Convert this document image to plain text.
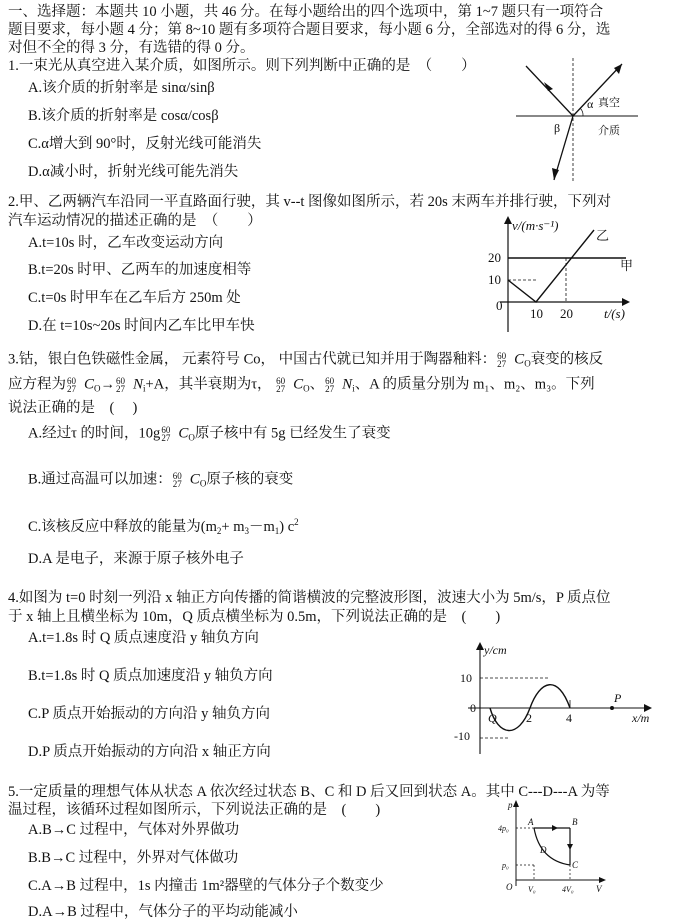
一、选择题：本题共 10 小题，共 46 分。在每小题给出的四个选项中，第 1~7 题只有一项符合
题目要求，每小题 4 分；第 8~10 题有多项符合题目要求，每小题 6 分，全部选对的得 6 分，选
对但不全的得 3 分，有选错的得 0 分。
1.一束光从真空进入某介质，如图所示。则下列判断中正确的是　（　　）
A.该介质的折射率是 sinα/sinβ
B.该介质的折射率是 cosα/cosβ
C.α增大到 90°时，反射光线可能消失
D.α减小时，折射光线可能先消失
α
β
真空
介质
2.甲、乙两辆汽车沿同一平直路面行驶，其 v--t 图像如图所示，若 20s 末两车并排行驶，下列对
汽车运动情况的描述正确的是　（　　）
A.t=10s 时，乙车改变运动方向
B.t=20s 时甲、乙两车的加速度相等
C.t=0s 时甲车在乙车后方 250m 处
D.在 t=10s~20s 时间内乙车比甲车快
v/(m·s⁻¹)
t/(s)
20
10
0
10 20
甲
乙
3.钴，银白色铁磁性金属， 元素符号 Co， 中国古代就已知并用于陶器釉料： 60
27 $C_O$衰变的核反
应方程为 60
27 $C_O\to 60$
27 $N_i+A$，其半衰期为τ， 60
27 $C_O$、 60
27 $N_i$、A 的质量分别为 m₁、m₂、m₃。下列
说法正确的是　(　 )
A.经过τ 的时间，10g 60
27 $C_O$原子核中有 5g 已经发生了衰变
B.通过高温可以加速： 60
27 $C_O$原子核的衰变
C.该核反应中释放的能量为$(m_2+ m_3-m_1)$ $c^2$
D.A 是电子，来源于原子核外电子
4.如图为 t=0 时刻一列沿 x 轴正方向传播的简谐横波的完整波形图，波速大小为 5m/s，P 质点位
于 x 轴上且横坐标为 10m，Q 质点横坐标为 0.5m，下列说法正确的是　(　　)
A.t=1.8s 时 Q 质点速度沿 y 轴负方向
B.t=1.8s 时 Q 质点加速度沿 y 轴负方向
C.P 质点开始振动的方向沿 y 轴负方向
D.P 质点开始振动的方向沿 x 轴正方向
y/cm
x/m
10
-10
0
2	4
Q
P
5.一定质量的理想气体从状态 A 依次经过状态 B、C 和 D 后又回到状态 A。其中 C---D---A 为等
温过程，该循环过程如图所示，下列说法正确的是　(　　)
A.B→C 过程中，气体对外界做功
B.B→C 过程中，外界对气体做功
C.A→B 过程中，1s 内撞击 1m²器壁的气体分子个数变少
D.A→B 过程中，气体分子的平均动能减小
p
V
O
4p₀
p₀
V₀	4V₀
A	B
C
D
